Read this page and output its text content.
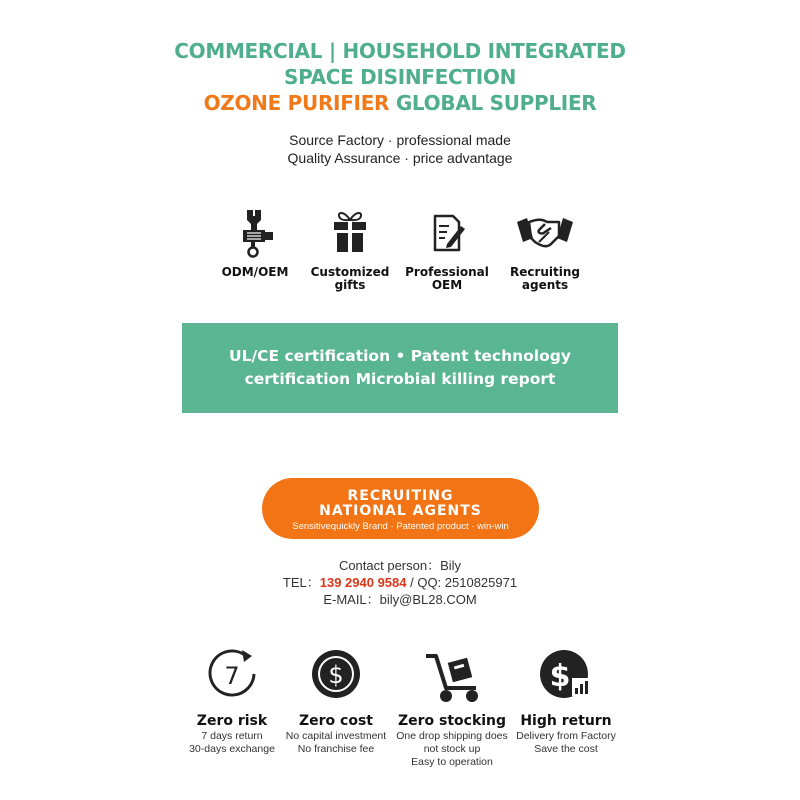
COMMERCIAL | HOUSEHOLD INTEGRATED
SPACE DISINFECTION
OZONE PURIFIER GLOBAL SUPPLIER
Source Factory · professional made
Quality Assurance · price advantage
ODM/OEM	Customized
gifts
Professional
OEM
Recruiting
agents
UL/CE certification • Patent technology
certification Microbial killing report
RECRUITING
NATIONAL AGENTS
Sensitivequickly Brand · Patented product · win-win
Contact person：Bily
TEL：139 2940 9584 / QQ: 2510825971
E-MAIL：bily@BL28.COM
7
Zero risk
7 days return
30-days exchange
$
Zero cost
No capital investment
No franchise fee
Zero stocking
One drop shipping does
not stock up
Easy to operation
$
High return
Delivery from Factory
Save the cost
